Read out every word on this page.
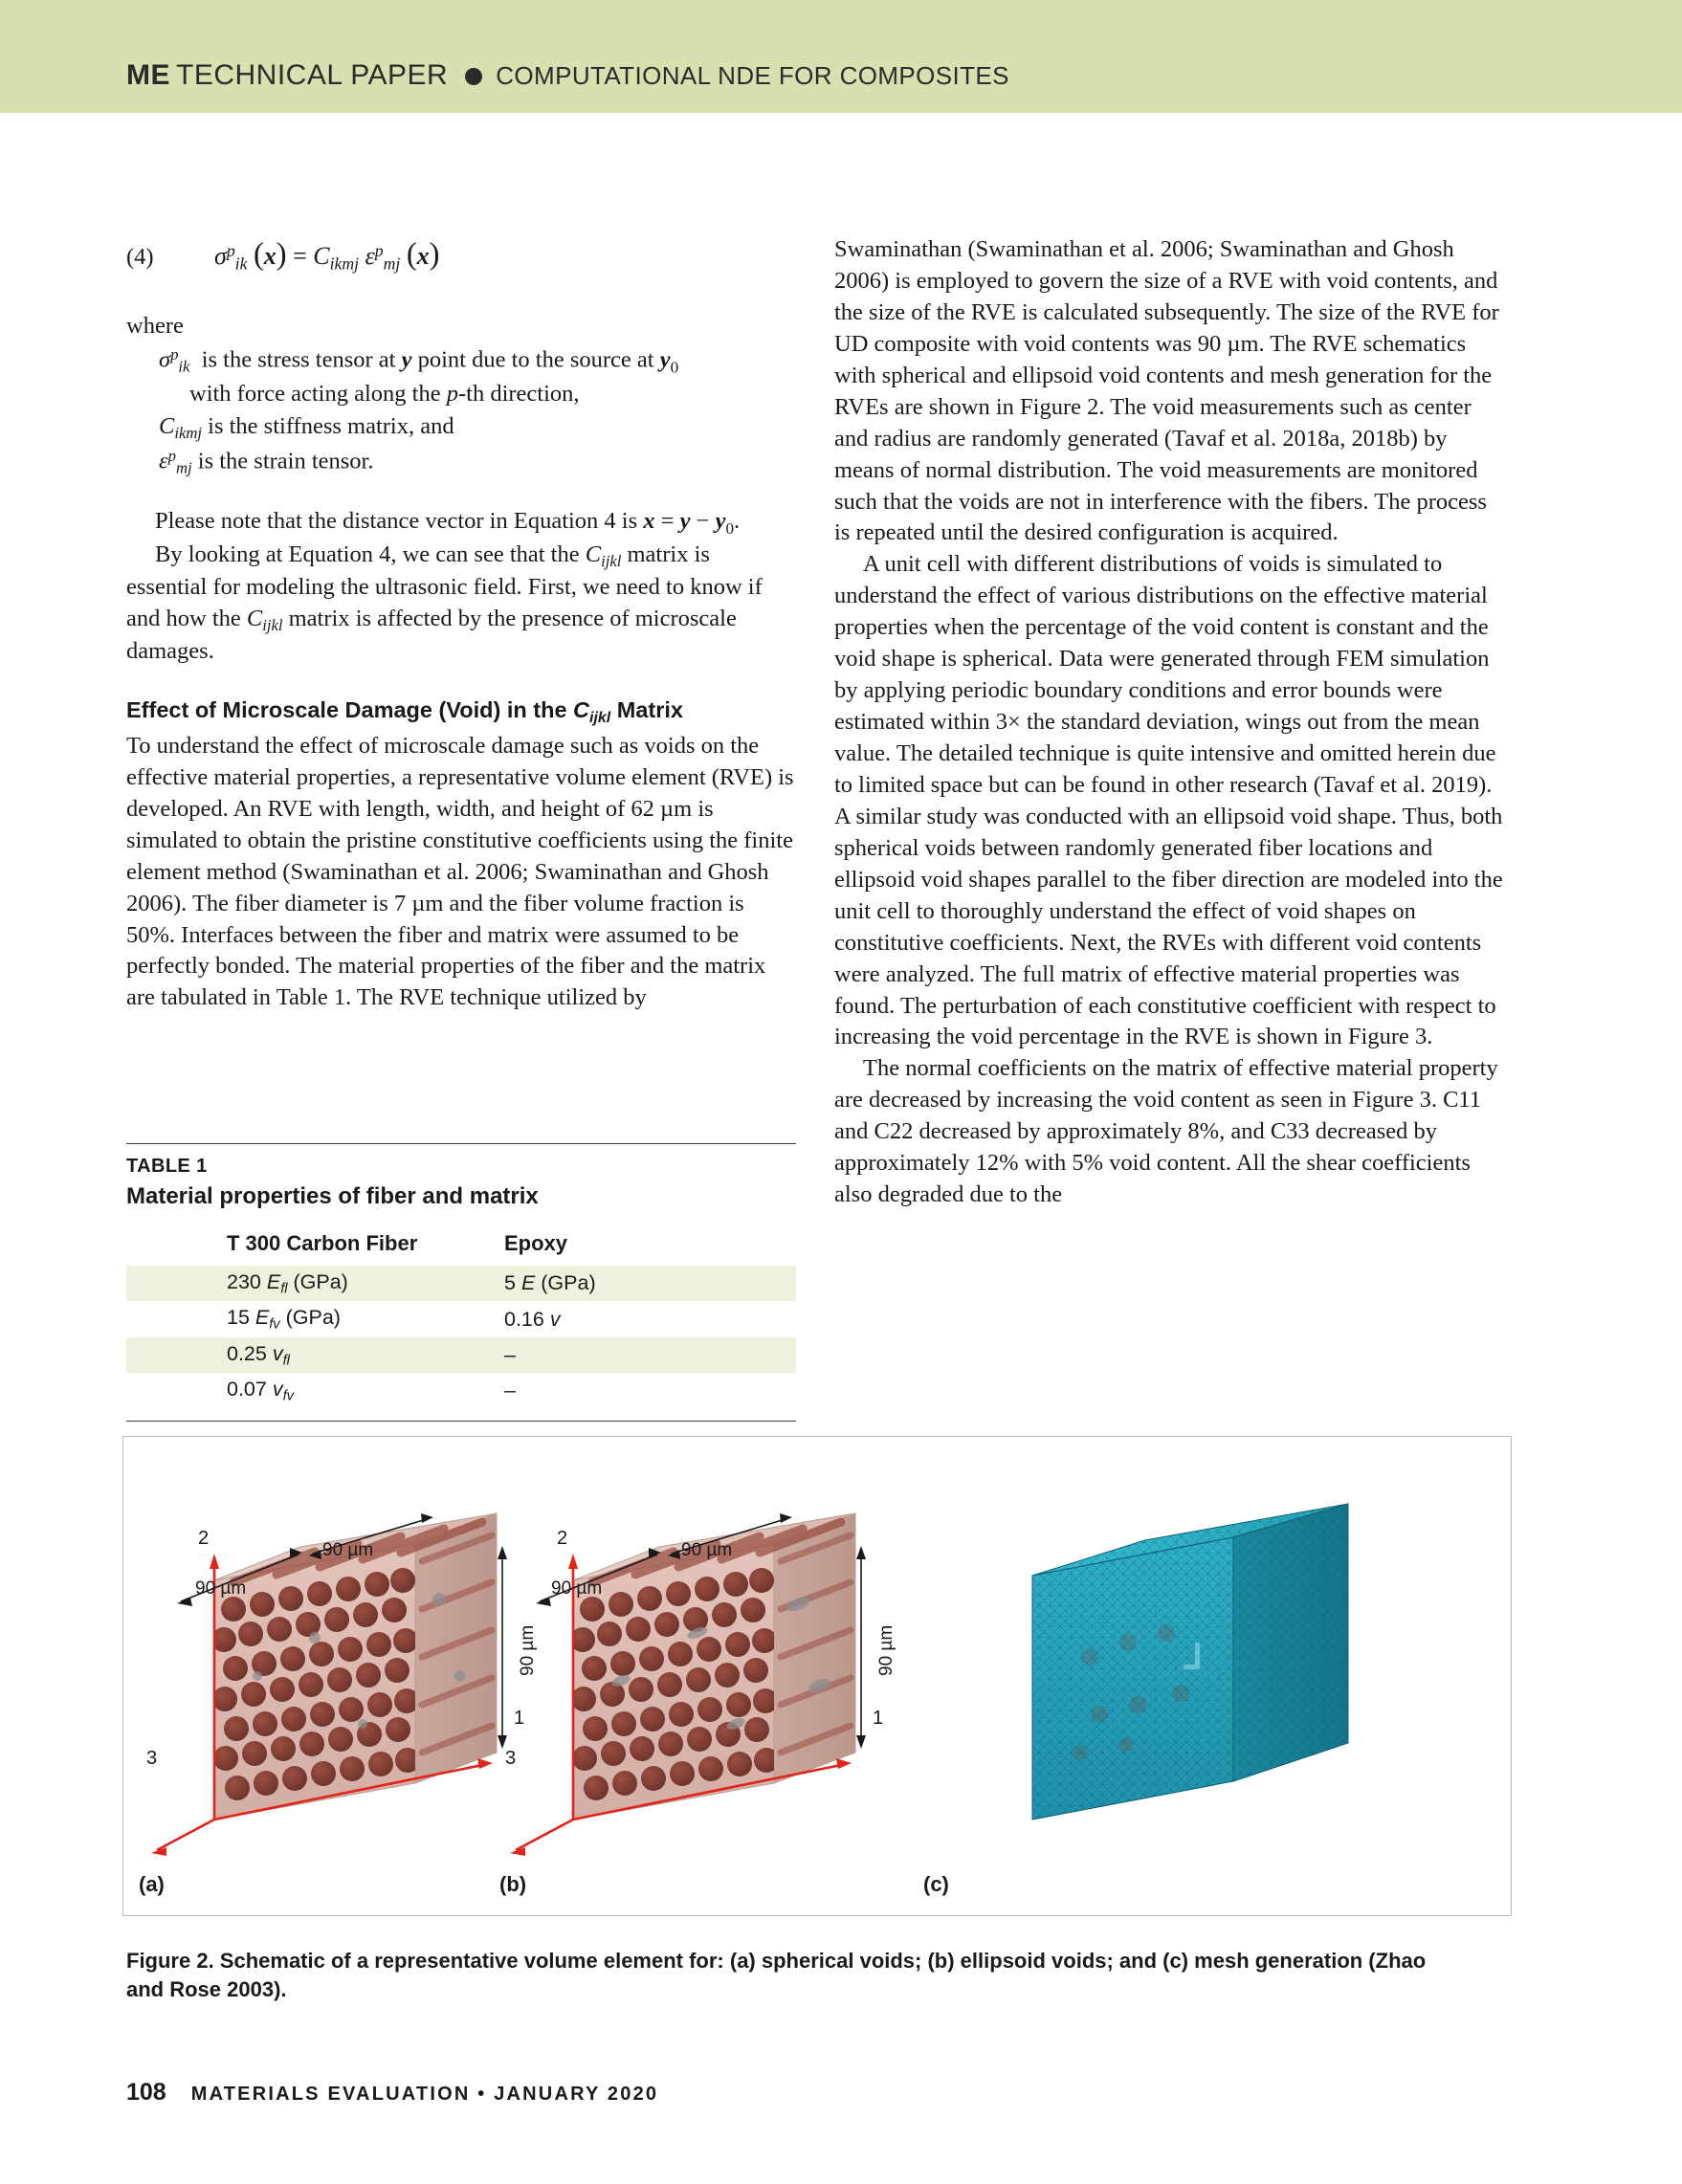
ME TECHNICAL PAPER COMPUTATIONAL NDE FOR COMPOSITES
(4) $\sigma^p_{ik}$ $(x) = C_{ikmj}$ $\varepsilon^p_{mj}$ (x)
where
$\sigma^p_{ik}$  is the stress tensor at y point due to the source at $y_0$
with force acting along the p-th direction,
$C_{ikmj}$ is the stiffness matrix, and
$\varepsilon^p_{mj}$ is the strain tensor.

Please note that the distance vector in Equation 4 is $x = y - y_0$.

By looking at Equation 4, we can see that the $C_{ijkl}$ matrix is essential for modeling the ultrasonic field. First, we need to know if and how the $C_{ijkl}$ matrix is affected by the presence of microscale damages.

Effect of Microscale Damage (Void) in the $C_{ijkl}$ Matrix

To understand the effect of microscale damage such as voids on the effective material properties, a representative volume element (RVE) is developed. An RVE with length, width, and height of 62 µm is simulated to obtain the pristine constitutive coefficients using the finite element method (Swaminathan et al. 2006; Swaminathan and Ghosh 2006). The fiber diameter is 7 µm and the fiber volume fraction is 50%. Interfaces between the fiber and matrix were assumed to be perfectly bonded. The material properties of the fiber and the matrix are tabulated in Table 1. The RVE technique utilized by

Swaminathan (Swaminathan et al. 2006; Swaminathan and Ghosh 2006) is employed to govern the size of a RVE with void contents, and the size of the RVE is calculated subsequently. The size of the RVE for UD composite with void contents was 90 µm. The RVE schematics with spherical and ellipsoid void contents and mesh generation for the RVEs are shown in Figure 2. The void measurements such as center and radius are randomly generated (Tavaf et al. 2018a, 2018b) by means of normal distribution. The void measurements are monitored such that the voids are not in interference with the fibers. The process is repeated until the desired configuration is acquired.

A unit cell with different distributions of voids is simulated to understand the effect of various distributions on the effective material properties when the percentage of the void content is constant and the void shape is spherical. Data were generated through FEM simulation by applying periodic boundary conditions and error bounds were estimated within 3× the standard deviation, wings out from the mean value. The detailed technique is quite intensive and omitted herein due to limited space but can be found in other research (Tavaf et al. 2019). A similar study was conducted with an ellipsoid void shape. Thus, both spherical voids between randomly generated fiber locations and ellipsoid void shapes parallel to the fiber direction are modeled into the unit cell to thoroughly understand the effect of void shapes on constitutive coefficients. Next, the RVEs with different void contents were analyzed. The full matrix of effective material properties was found. The perturbation of each constitutive coefficient with respect to increasing the void percentage in the RVE is shown in Figure 3.

The normal coefficients on the matrix of effective material property are decreased by increasing the void content as seen in Figure 3. C11 and C22 decreased by approximately 8%, and C33 decreased by approximately 12% with 5% void content. All the shear coefficients also degraded due to the

TABLE 1
Material properties of fiber and matrix
	T 300 Carbon Fiber	Epoxy
	230 $E_{fl}$ (GPa)	5 E (GPa)
	15 $E_{fv}$ (GPa)	0.16 v
	0.25 $v_{fl}$	–
	0.07 $v_{fv}$	–
(a)	(b)	(c)
90 µm
90 µm
90 µm
1
2
3
90 µm
90 µm
90 µm
1
2
3
Figure 2. Schematic of a representative volume element for: (a) spherical voids; (b) ellipsoid voids; and (c) mesh generation (Zhao and Rose 2003).
108 MATERIALS EVALUATION • JANUARY 2020
